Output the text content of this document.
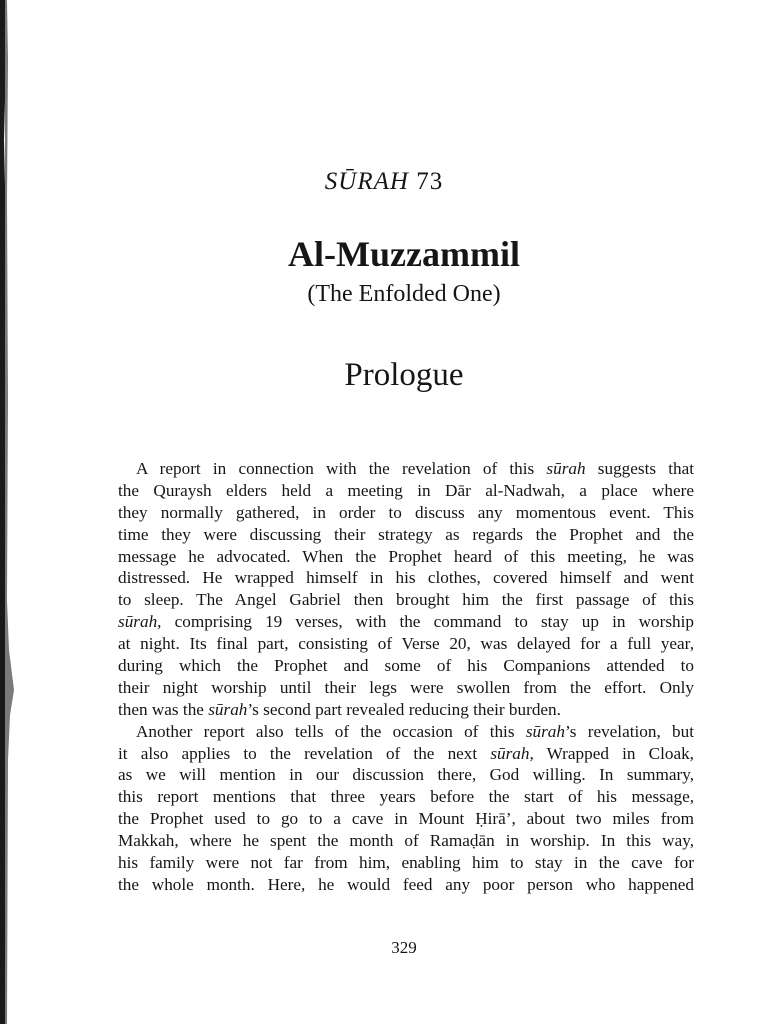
SŪRAH 73
Al-Muzzammil
(The Enfolded One)
Prologue
A report in connection with the revelation of this sūrah suggests that
the Quraysh elders held a meeting in Dār al-Nadwah, a place where
they normally gathered, in order to discuss any momentous event. This
time they were discussing their strategy as regards the Prophet and the
message he advocated. When the Prophet heard of this meeting, he was
distressed. He wrapped himself in his clothes, covered himself and went
to sleep. The Angel Gabriel then brought him the first passage of this
sūrah, comprising 19 verses, with the command to stay up in worship
at night. Its final part, consisting of Verse 20, was delayed for a full year,
during which the Prophet and some of his Companions attended to
their night worship until their legs were swollen from the effort. Only
then was the sūrah’s second part revealed reducing their burden.
Another report also tells of the occasion of this sūrah’s revelation, but
it also applies to the revelation of the next sūrah, Wrapped in Cloak,
as we will mention in our discussion there, God willing. In summary,
this report mentions that three years before the start of his message,
the Prophet used to go to a cave in Mount Ḥirā’, about two miles from
Makkah, where he spent the month of Ramaḍān in worship. In this way,
his family were not far from him, enabling him to stay in the cave for
the whole month. Here, he would feed any poor person who happened
329
